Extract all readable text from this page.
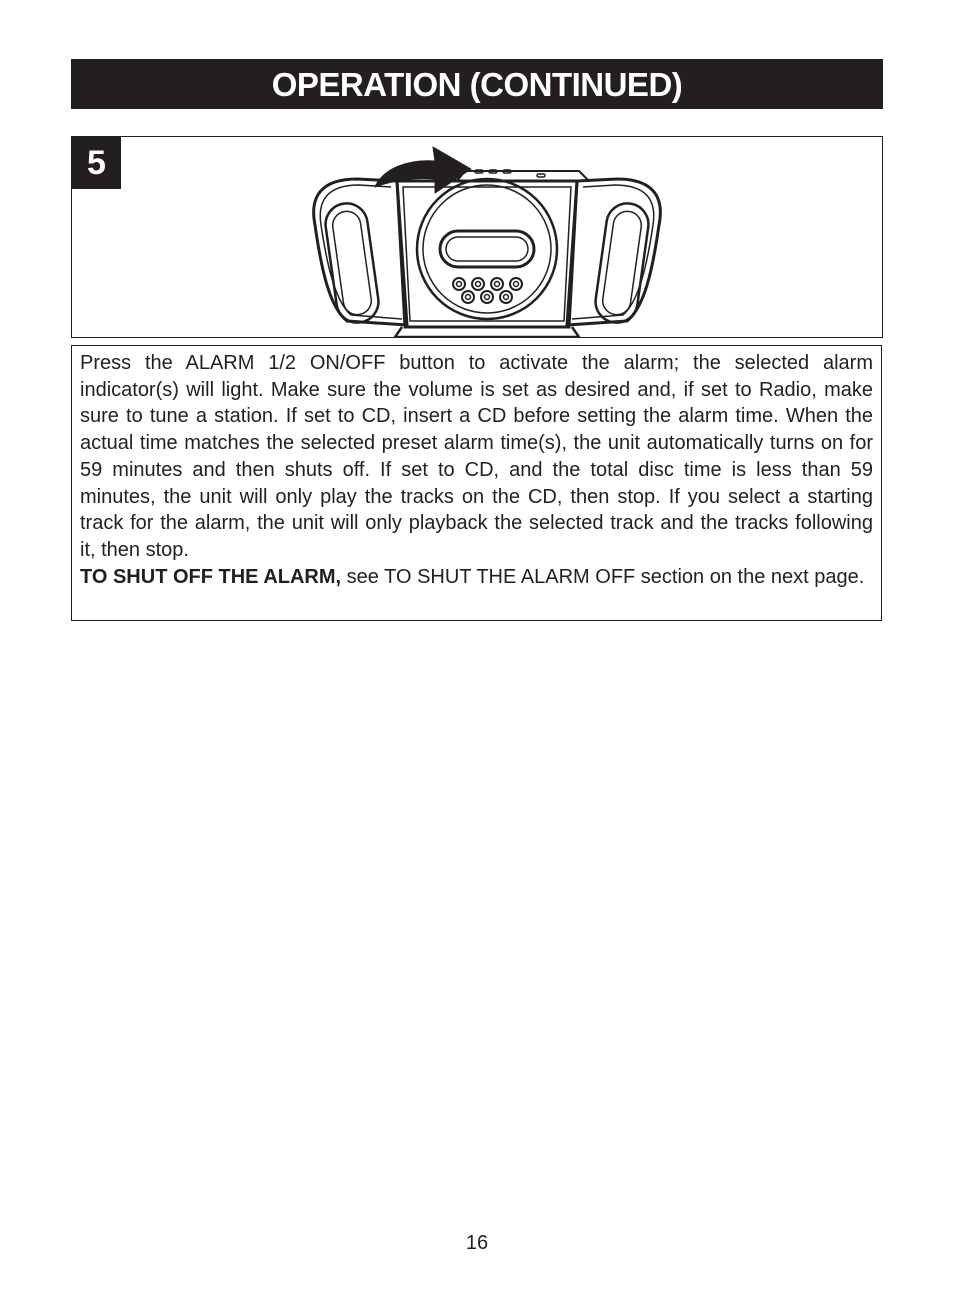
OPERATION (CONTINUED)
5

Press the ALARM 1/2 ON/OFF button to activate the alarm; the selected alarm indicator(s) will light. Make sure the volume is set as desired and, if set to Radio, make sure to tune a station. If set to CD, insert a CD before setting the alarm time. When the actual time matches the selected preset alarm time(s), the unit automatically turns on for 59 minutes and then shuts off. If set to CD, and the total disc time is less than 59 minutes, the unit will only play the tracks on the CD, then stop. If you select a starting track for the alarm, the unit will only playback the selected track and the tracks following it, then stop.

TO SHUT OFF THE ALARM, see TO SHUT THE ALARM OFF section on the next page.

16
